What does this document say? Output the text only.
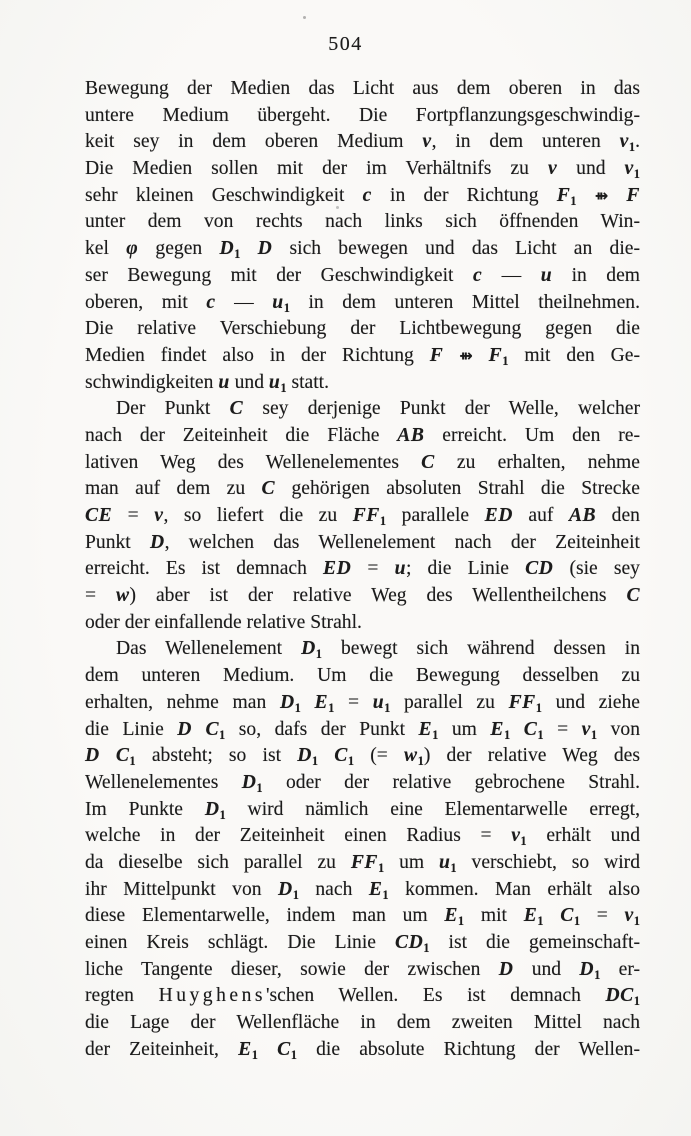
504
Bewegung der Medien das Licht aus dem oberen in das
untere Medium übergeht. Die Fortpflanzungsgeschwindig-
keit sey in dem oberen Medium v, in dem unteren $v_1$.
Die Medien sollen mit der im Verhältnifs zu v und $v_1$
sehr kleinen Geschwindigkeit c in der Richtung $F_1$ ⇻ F
unter dem von rechts nach links sich öffnenden Win-
kel φ gegen $D_1$ D sich bewegen und das Licht an die-
ser Bewegung mit der Geschwindigkeit c — u in dem
oberen, mit c — $u_1$ in dem unteren Mittel theilnehmen.
Die relative Verschiebung der Lichtbewegung gegen die
Medien findet also in der Richtung F ⇻ $F_1$ mit den Ge-
schwindigkeiten u und $u_1$ statt.
Der Punkt C sey derjenige Punkt der Welle, welcher
nach der Zeiteinheit die Fläche AB erreicht. Um den re-
lativen Weg des Wellenelementes C zu erhalten, nehme
man auf dem zu C gehörigen absoluten Strahl die Strecke
CE = v, so liefert die zu $FF_1$ parallele ED auf AB den
Punkt D, welchen das Wellenelement nach der Zeiteinheit
erreicht. Es ist demnach ED = u; die Linie CD (sie sey
= w) aber ist der relative Weg des Wellentheilchens C
oder der einfallende relative Strahl.
Das Wellenelement $D_1$ bewegt sich während dessen in
dem unteren Medium. Um die Bewegung desselben zu
erhalten, nehme man $D_1$ $E_1 = u_1$ parallel zu $FF_1$ und ziehe
die Linie D $C_1$ so, dafs der Punkt $E_1$ um $E_1$ $C_1 = v_1$ von
D $C_1$ absteht; so ist $D_1$ $C_1$ (= $w_1$) der relative Weg des
Wellenelementes $D_1$ oder der relative gebrochene Strahl.
Im Punkte $D_1$ wird nämlich eine Elementarwelle erregt,
welche in der Zeiteinheit einen Radius = $v_1$ erhält und
da dieselbe sich parallel zu $FF_1$ um $u_1$ verschiebt, so wird
ihr Mittelpunkt von $D_1$ nach $E_1$ kommen. Man erhält also
diese Elementarwelle, indem man um $E_1$ mit $E_1$ $C_1 = v_1$
einen Kreis schlägt. Die Linie $CD_1$ ist die gemeinschaft-
liche Tangente dieser, sowie der zwischen D und $D_1$ er-
regten Huyghens'schen Wellen. Es ist demnach $DC_1$
die Lage der Wellenfläche in dem zweiten Mittel nach
der Zeiteinheit, $E_1$ $C_1$ die absolute Richtung der Wellen-
